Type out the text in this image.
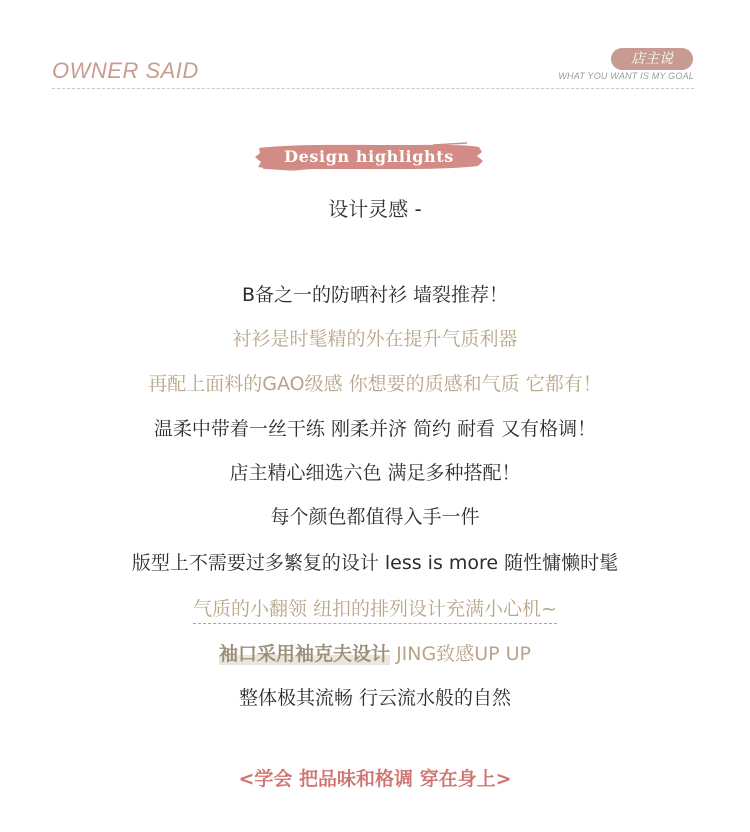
OWNER SAID	店主说
WHAT YOU WANT IS MY GOAL
Design highlights
设计灵感 -
B备之一的防晒衬衫 墙裂推荐！
衬衫是时髦精的外在提升气质利器
再配上面料的GAO级感 你想要的质感和气质 它都有！
温柔中带着一丝干练 刚柔并济 简约 耐看 又有格调！
店主精心细选六色 满足多种搭配！
每个颜色都值得入手一件
版型上不需要过多繁复的设计 less is more 随性慵懒时髦
气质的小翻领 纽扣的排列设计充满小心机~
袖口采用袖克夫设计 JING致感UP UP
整体极其流畅 行云流水般的自然
<学会 把品味和格调 穿在身上>
